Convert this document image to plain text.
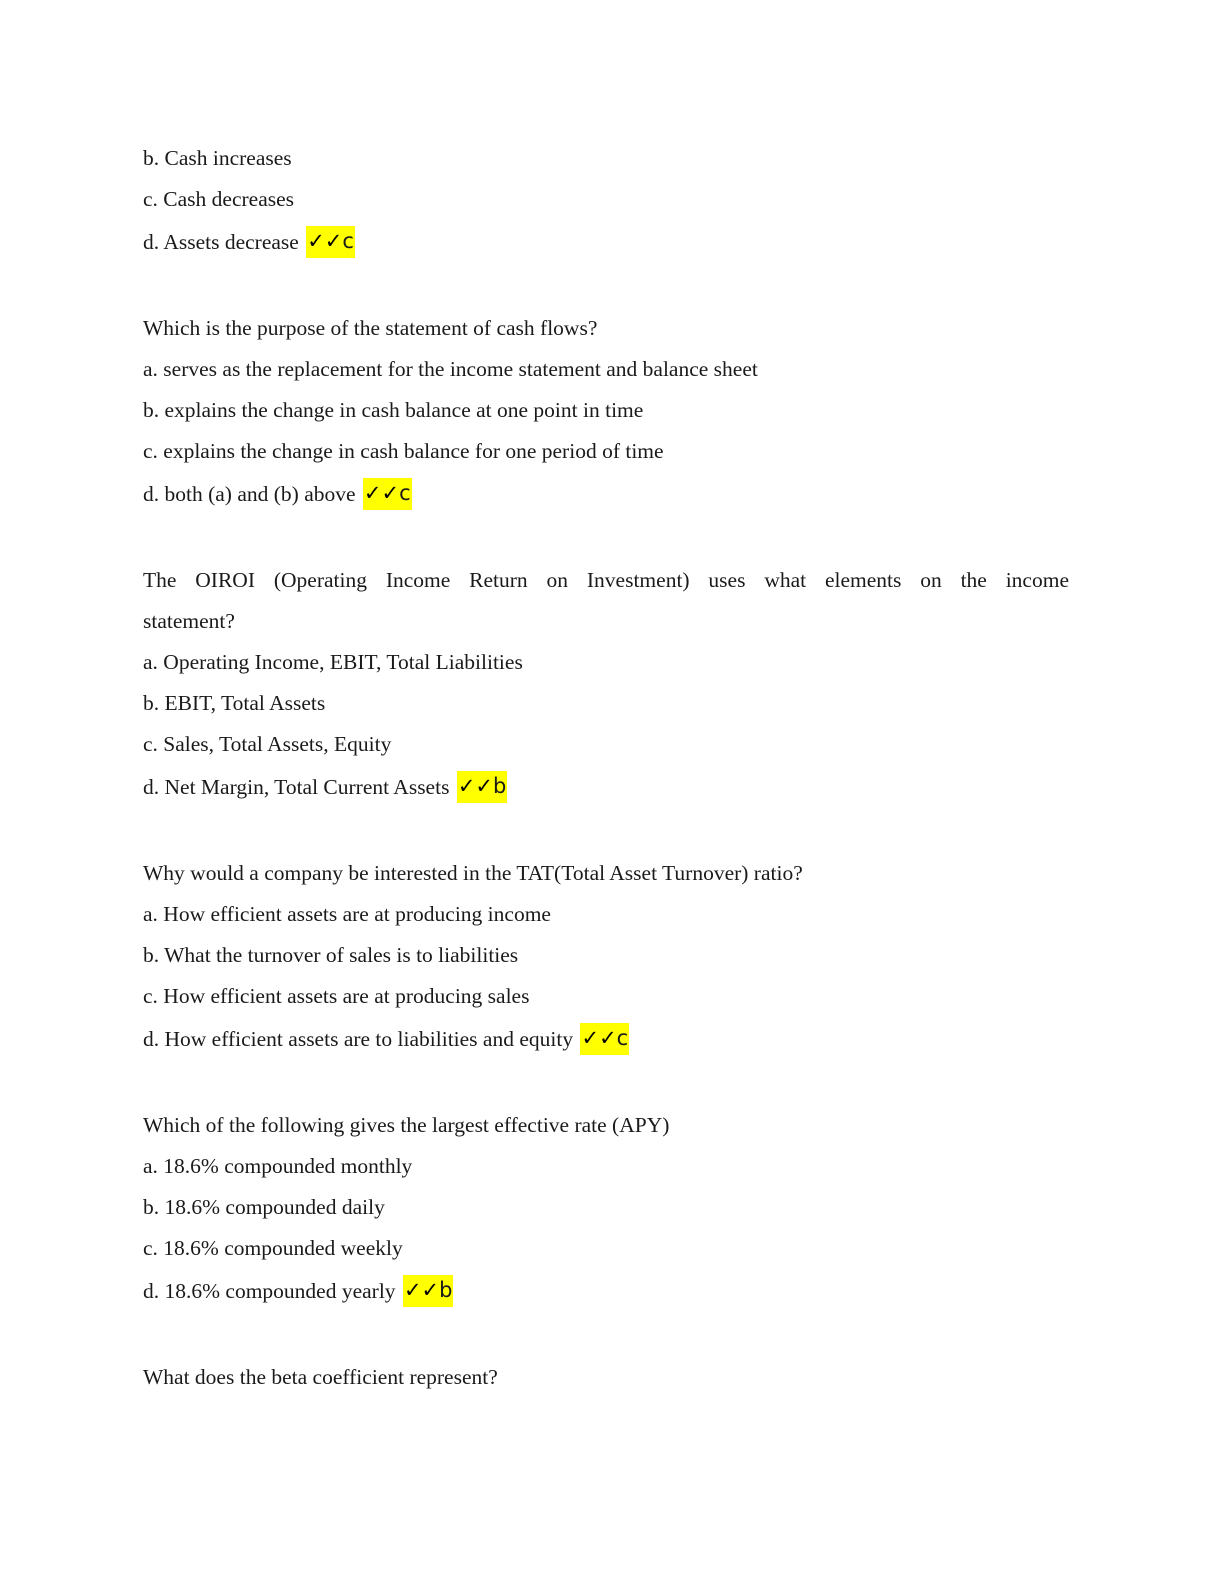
b. Cash increases
c. Cash decreases
d. Assets decrease ✓✓c
Which is the purpose of the statement of cash flows?
a. serves as the replacement for the income statement and balance sheet
b. explains the change in cash balance at one point in time
c. explains the change in cash balance for one period of time
d. both (a) and (b) above ✓✓c
The OIROI (Operating Income Return on Investment) uses what elements on the income
statement?
a. Operating Income, EBIT, Total Liabilities
b. EBIT, Total Assets
c. Sales, Total Assets, Equity
d. Net Margin, Total Current Assets ✓✓b
Why would a company be interested in the TAT(Total Asset Turnover) ratio?
a. How efficient assets are at producing income
b. What the turnover of sales is to liabilities
c. How efficient assets are at producing sales
d. How efficient assets are to liabilities and equity ✓✓c
Which of the following gives the largest effective rate (APY)
a. 18.6% compounded monthly
b. 18.6% compounded daily
c. 18.6% compounded weekly
d. 18.6% compounded yearly ✓✓b
What does the beta coefficient represent?
